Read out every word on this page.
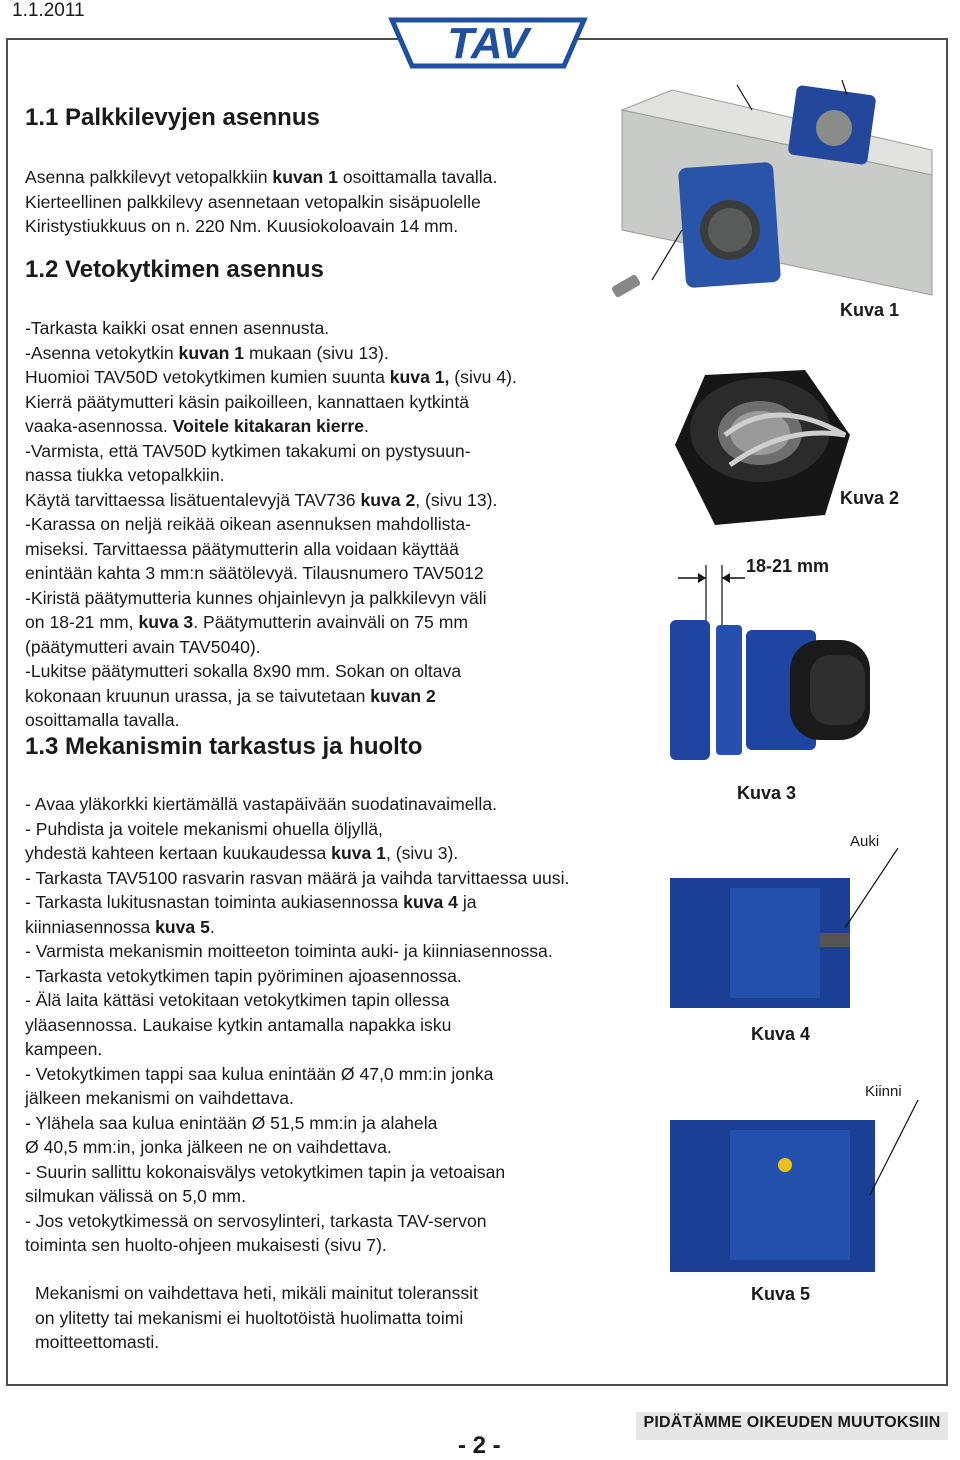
1.1.2011
TAV
1.1 Palkkilevyjen asennus
Asenna palkkilevyt vetopalkkiin kuvan 1 osoittamalla tavalla.
Kierteellinen palkkilevy asennetaan vetopalkin sisäpuolelle
Kiristystiukkuus on n. 220 Nm. Kuusiokoloavain 14 mm.
1.2 Vetokytkimen asennus
-Tarkasta kaikki osat ennen asennusta.
-Asenna vetokytkin kuvan 1 mukaan (sivu 13).
Huomioi TAV50D vetokytkimen kumien suunta kuva 1, (sivu 4).
Kierrä päätymutteri käsin paikoilleen, kannattaen kytkintä
vaaka-asennossa. Voitele kitakaran kierre.
-Varmista, että TAV50D kytkimen takakumi on pystysuun-
nassa tiukka vetopalkkiin.
Käytä tarvittaessa lisätuentalevyjä TAV736 kuva 2, (sivu 13).
-Karassa on neljä reikää oikean asennuksen mahdollista-
miseksi. Tarvittaessa päätymutterin alla voidaan käyttää
enintään kahta 3 mm:n säätölevyä. Tilausnumero TAV5012
-Kiristä päätymutteria kunnes ohjainlevyn ja palkkilevyn väli
on 18-21 mm, kuva 3. Päätymutterin avainväli on 75 mm
(päätymutteri avain TAV5040).
-Lukitse päätymutteri sokalla 8x90 mm. Sokan on oltava
kokonaan kruunun urassa, ja se taivutetaan kuvan 2
osoittamalla tavalla.
1.3 Mekanismin tarkastus ja huolto
- Avaa yläkorkki kiertämällä vastapäivään suodatinavaimella.
- Puhdista ja voitele mekanismi ohuella öljyllä,
yhdestä kahteen kertaan kuukaudessa kuva 1, (sivu 3).
- Tarkasta TAV5100 rasvarin rasvan määrä ja vaihda tarvittaessa uusi.
- Tarkasta lukitusnastan toiminta aukiasennossa kuva 4 ja
kiinniasennossa kuva 5.
- Varmista mekanismin moitteeton toiminta auki- ja kiinniasennossa.
- Tarkasta vetokytkimen tapin pyöriminen ajoasennossa.
- Älä laita kättäsi vetokitaan vetokytkimen tapin ollessa
yläasennossa. Laukaise kytkin antamalla napakka isku
kampeen.
- Vetokytkimen tappi saa kulua enintään Ø 47,0 mm:in jonka
jälkeen mekanismi on vaihdettava.
- Ylähela saa kulua enintään Ø 51,5 mm:in ja alahela
Ø 40,5 mm:in, jonka jälkeen ne on vaihdettava.
- Suurin sallittu kokonaisvälys vetokytkimen tapin ja vetoaisan
silmukan välissä on 5,0 mm.
- Jos vetokytkimessä on servosylinteri, tarkasta TAV-servon
toiminta sen huolto-ohjeen mukaisesti (sivu 7).
Mekanismi on vaihdettava heti, mikäli mainitut toleranssit
on ylitetty tai mekanismi ei huoltotöistä huolimatta toimi
moitteettomasti.
Kuva 1
Kuva 2
18-21 mm
Kuva 3
Auki
Kuva 4
Kiinni
Kuva 5
PIDÄTÄMME OIKEUDEN MUUTOKSIIN
- 2 -
